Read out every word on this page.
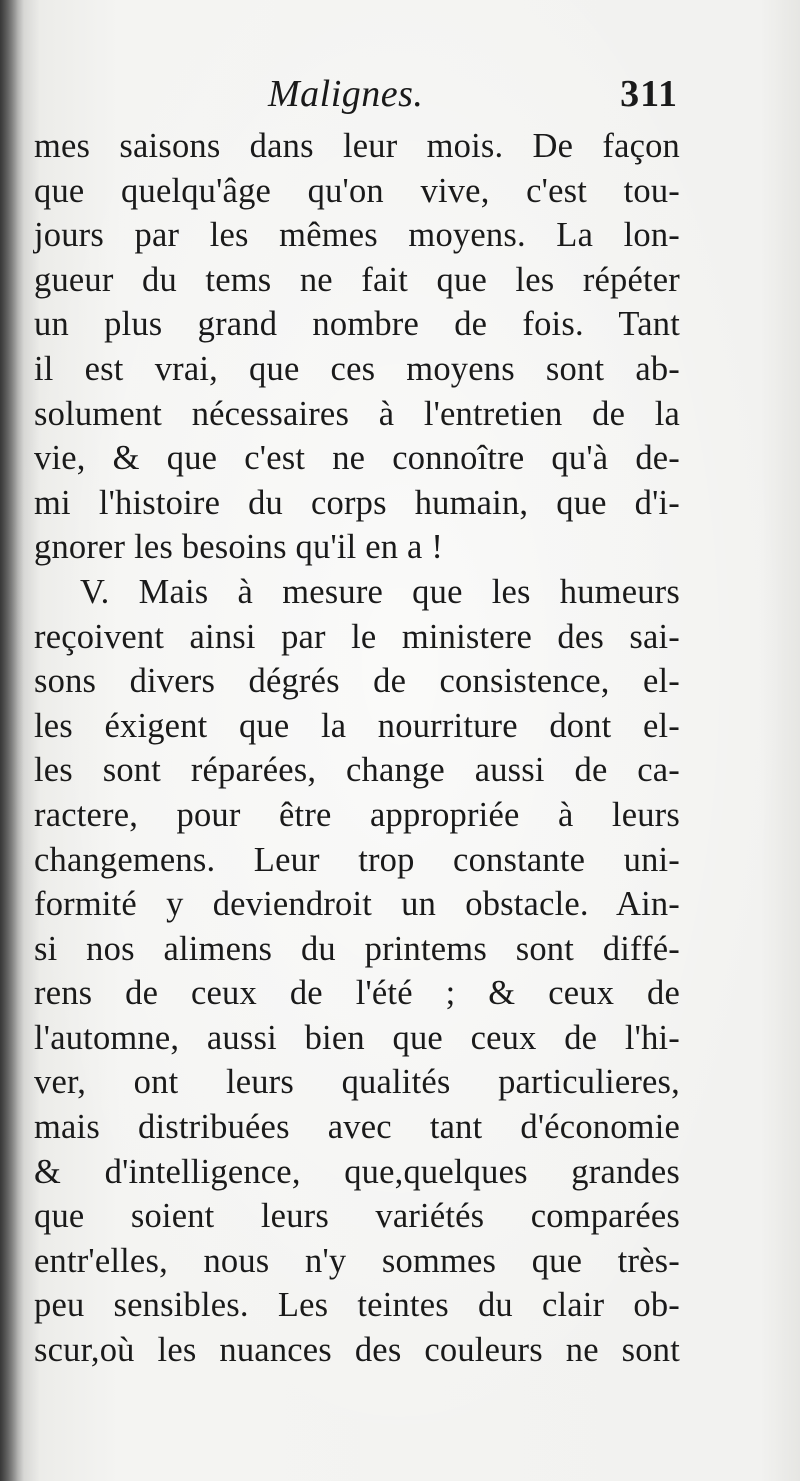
Malignes.	311
mes saisons dans leur mois. De façon
que quelqu'âge qu'on vive, c'est tou-
jours par les mêmes moyens. La lon-
gueur du tems ne fait que les répéter
un plus grand nombre de fois. Tant
il est vrai, que ces moyens sont ab-
solument nécessaires à l'entretien de la
vie, & que c'est ne connoître qu'à de-
mi l'histoire du corps humain, que d'i-
gnorer les besoins qu'il en a !
V. Mais à mesure que les humeurs
reçoivent ainsi par le ministere des sai-
sons divers dégrés de consistence, el-
les éxigent que la nourriture dont el-
les sont réparées, change aussi de ca-
ractere, pour être appropriée à leurs
changemens. Leur trop constante uni-
formité y deviendroit un obstacle. Ain-
si nos alimens du printems sont diffé-
rens de ceux de l'été ; & ceux de
l'automne, aussi bien que ceux de l'hi-
ver, ont leurs qualités particulieres,
mais distribuées avec tant d'économie
& d'intelligence, que,quelques grandes
que soient leurs variétés comparées
entr'elles, nous n'y sommes que très-
peu sensibles. Les teintes du clair ob-
scur,où les nuances des couleurs ne sont
